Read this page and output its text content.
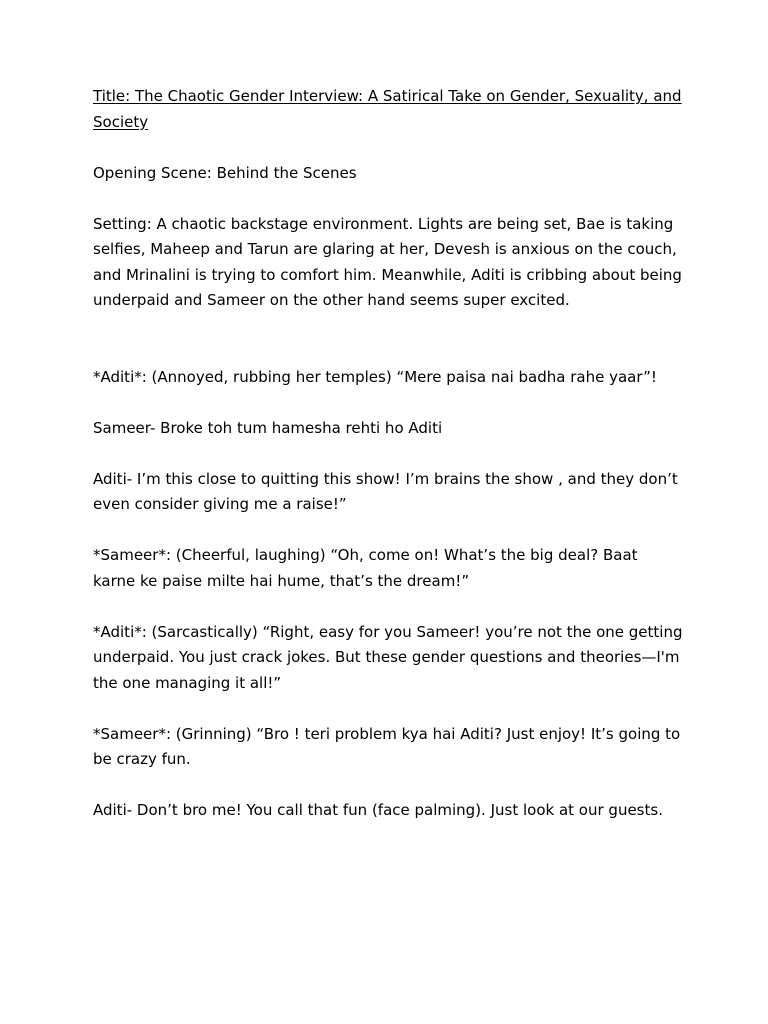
Title: The Chaotic Gender Interview: A Satirical Take on Gender, Sexuality, and Society

Opening Scene: Behind the Scenes

Setting: A chaotic backstage environment. Lights are being set, Bae is taking selfies, Maheep and Tarun are glaring at her, Devesh is anxious on the couch, and Mrinalini is trying to comfort him. Meanwhile, Aditi is cribbing about being underpaid and Sameer on the other hand seems super excited.

*Aditi*: (Annoyed, rubbing her temples) “Mere paisa nai badha rahe yaar”!

Sameer- Broke toh tum hamesha rehti ho Aditi

Aditi- I’m this close to quitting this show! I’m brains the show , and they don’t even consider giving me a raise!”

*Sameer*: (Cheerful, laughing) “Oh, come on! What’s the big deal? Baat karne ke paise milte hai hume, that’s the dream!”

*Aditi*: (Sarcastically) “Right, easy for you Sameer! you’re not the one getting underpaid. You just crack jokes. But these gender questions and theories—I'm the one managing it all!”

*Sameer*: (Grinning) “Bro ! teri problem kya hai Aditi? Just enjoy! It’s going to be crazy fun.

Aditi- Don’t bro me! You call that fun (face palming). Just look at our guests.
